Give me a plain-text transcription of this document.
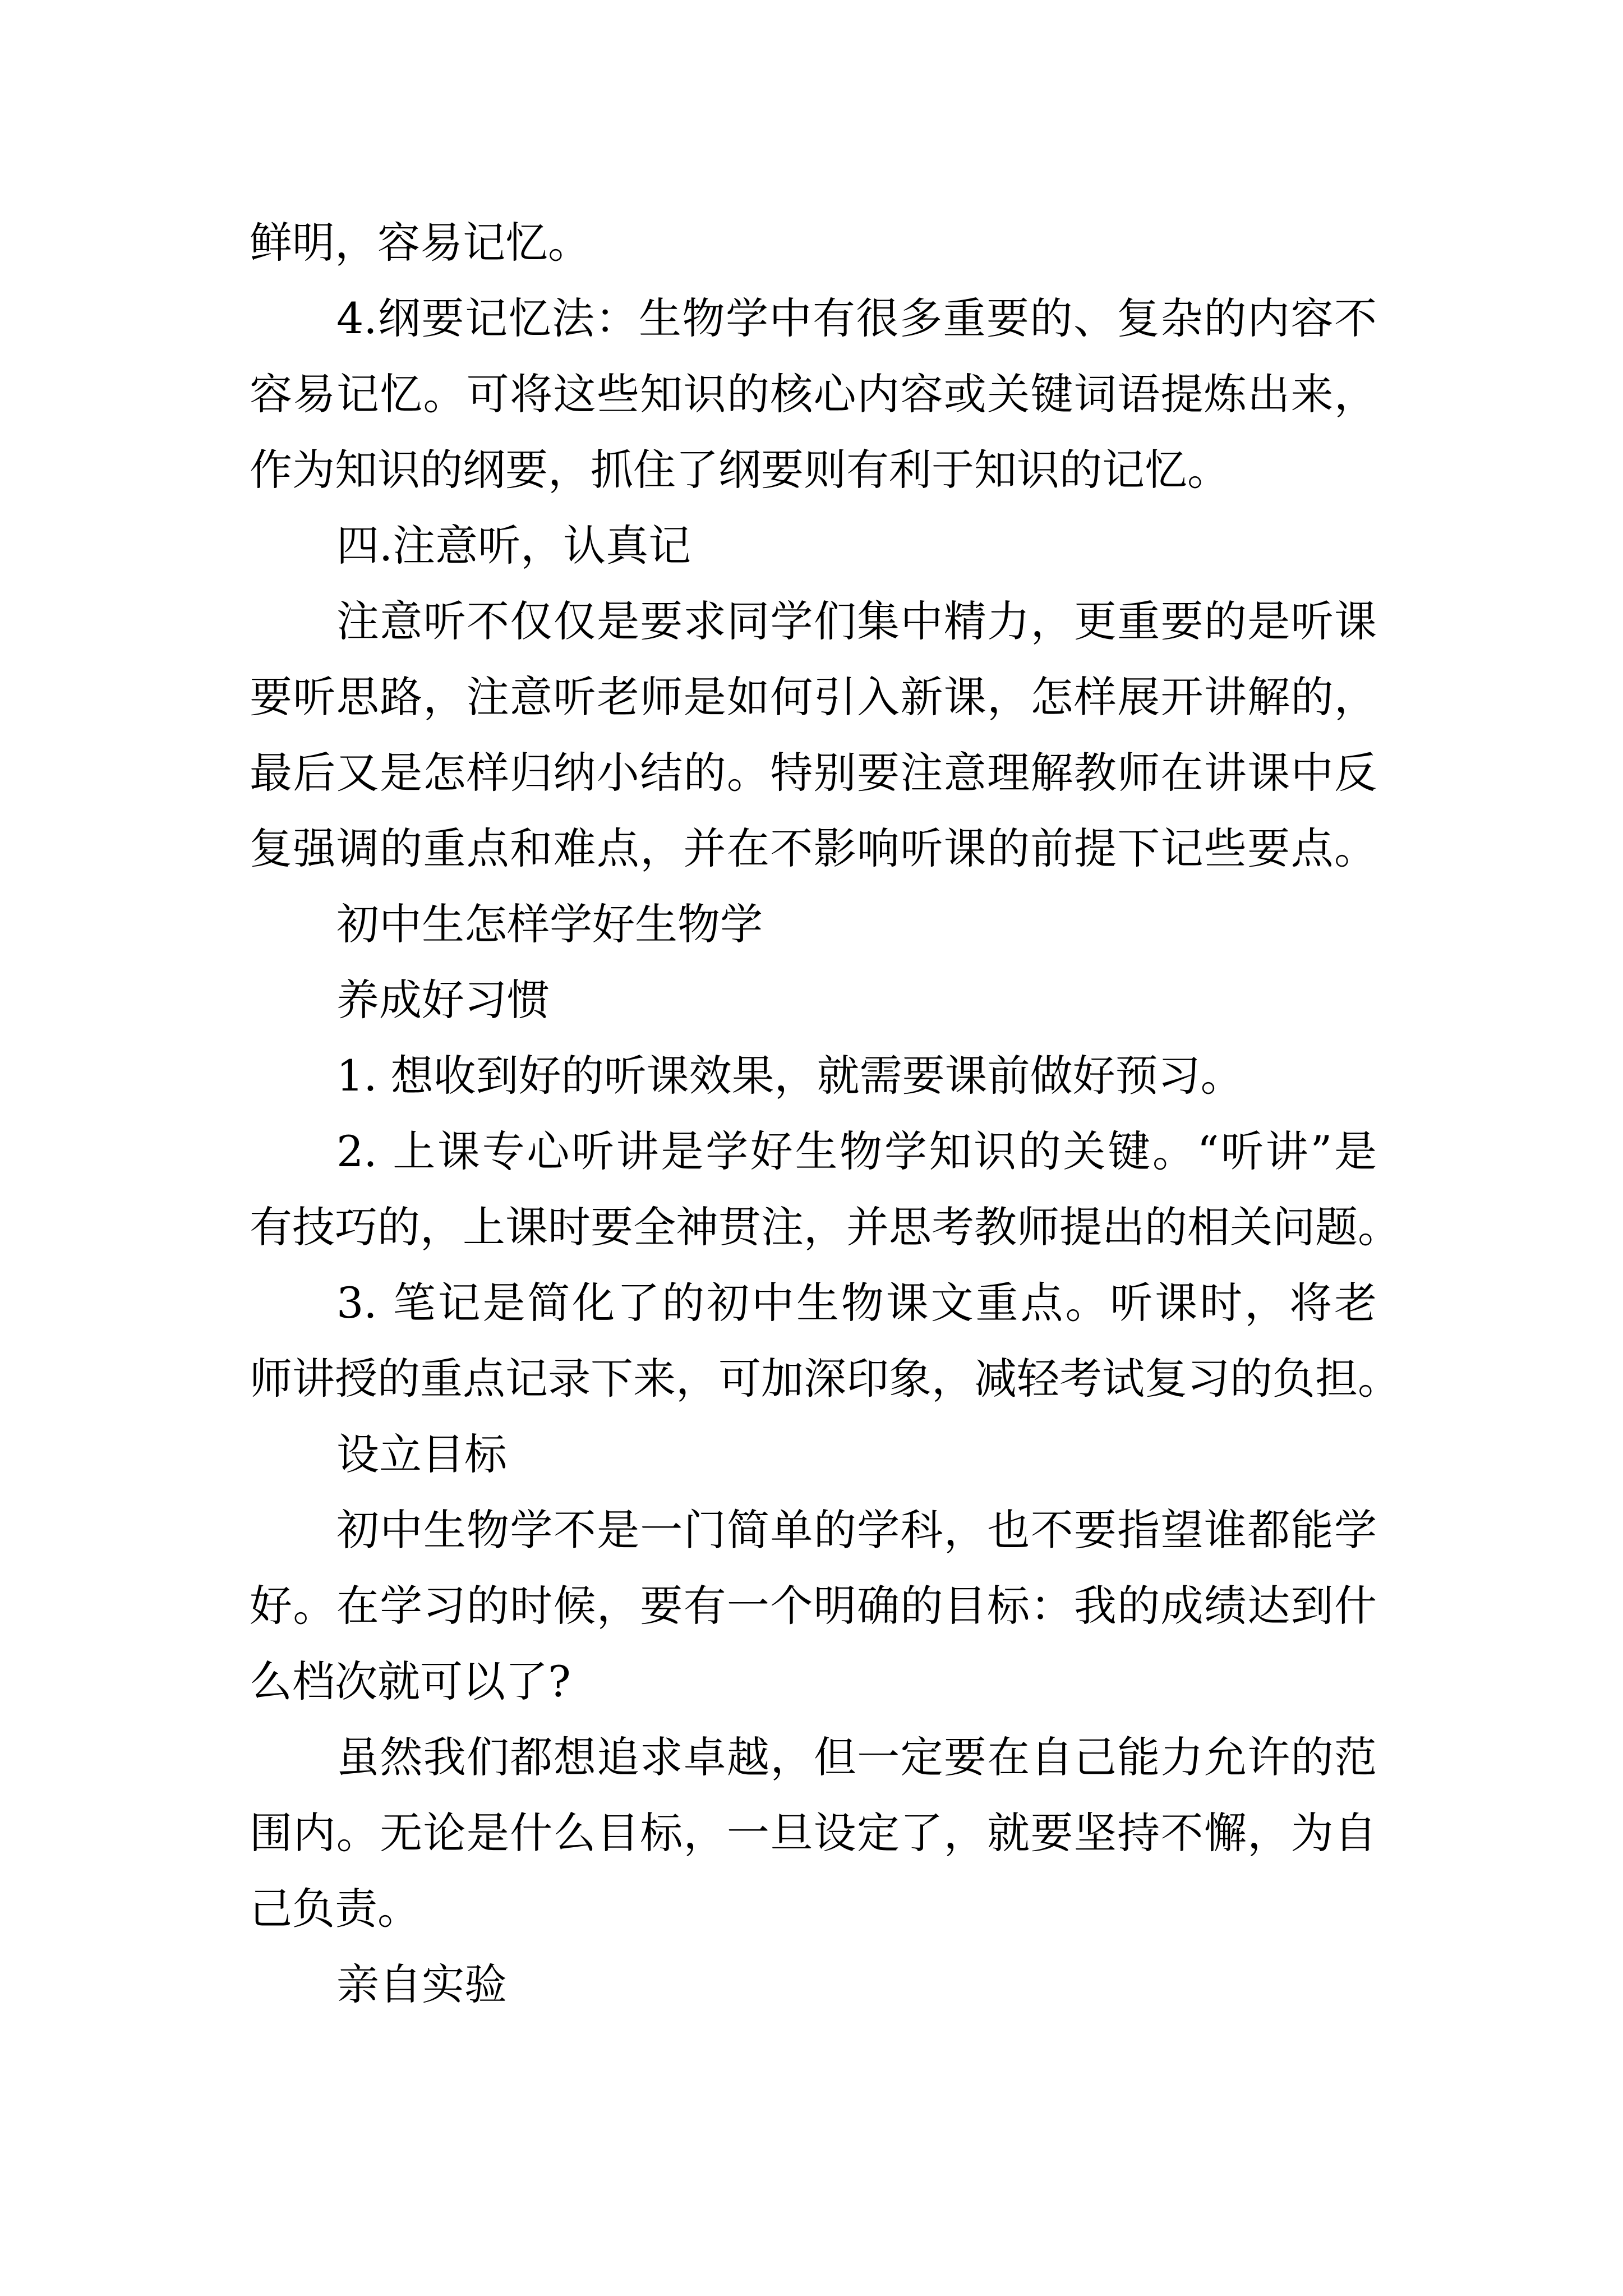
鲜明，容易记忆。
4.纲要记忆法：生物学中有很多重要的、复杂的内容不
容易记忆。可将这些知识的核心内容或关键词语提炼出来，
作为知识的纲要，抓住了纲要则有利于知识的记忆。
四.注意听，认真记
注意听不仅仅是要求同学们集中精力，更重要的是听课
要听思路，注意听老师是如何引入新课，怎样展开讲解的，
最后又是怎样归纳小结的。特别要注意理解教师在讲课中反
复强调的重点和难点，并在不影响听课的前提下记些要点。
初中生怎样学好生物学
养成好习惯
1. 想收到好的听课效果，就需要课前做好预习。
2. 上课专心听讲是学好生物学知识的关键。“听讲”是
有技巧的，上课时要全神贯注，并思考教师提出的相关问题。
3. 笔记是简化了的初中生物课文重点。听课时，将老
师讲授的重点记录下来，可加深印象，减轻考试复习的负担。
设立目标
初中生物学不是一门简单的学科，也不要指望谁都能学
好。在学习的时候，要有一个明确的目标：我的成绩达到什
么档次就可以了?
虽然我们都想追求卓越，但一定要在自己能力允许的范
围内。无论是什么目标，一旦设定了，就要坚持不懈，为自
己负责。
亲自实验
